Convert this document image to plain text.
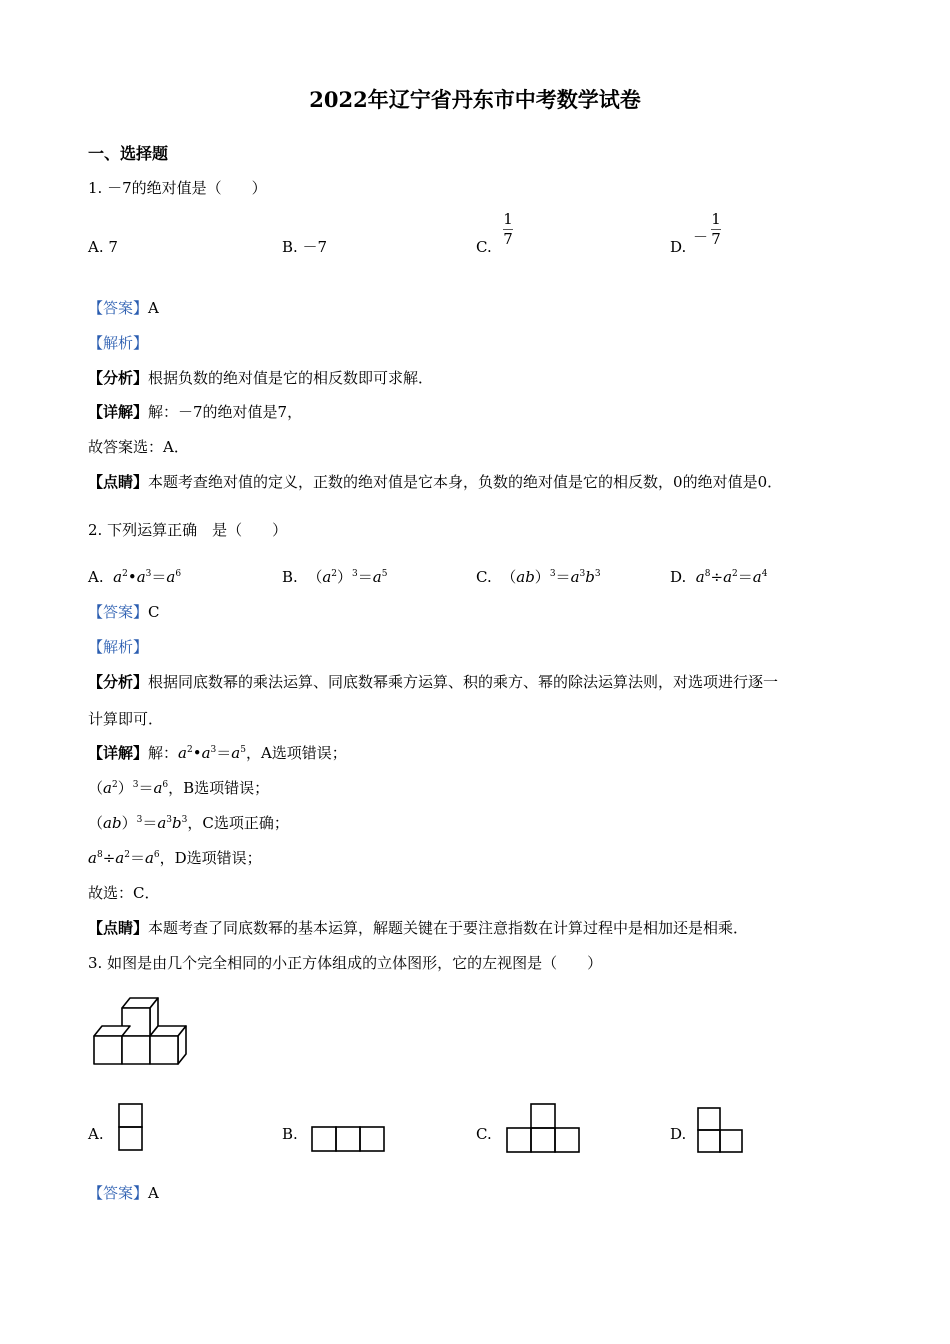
2022年辽宁省丹东市中考数学试卷
一、选择题
1. －7的绝对值是（　　）
A. 7	B. －7	C.
1
7	D.
－
1
7
【答案】A
【解析】
【分析】根据负数的绝对值是它的相反数即可求解．
【详解】解：－7的绝对值是7，
故答案选：A．
【点睛】本题考查绝对值的定义，正数的绝对值是它本身，负数的绝对值是它的相反数，0的绝对值是0．
2. 下列运算正确　是（　　）
A.  $a^2•a^3=a^6$	B.  $(a^2)^3=a^5$	C.  $(ab)^3=a^3b^3$	D.  $a^8\div a^2=a^4$
【答案】C
【解析】
【分析】根据同底数幂的乘法运算、同底数幂乘方运算、积的乘方、幂的除法运算法则，对选项进行逐一
计算即可．
【详解】解：$a^2•a^3=a^5$，A选项错误；
$(a^2)^3=a^6$，B选项错误；
$(ab)^3=a^3b^3$，C选项正确；
$a^8\div a^2=a^6$，D选项错误；
故选：C．
【点睛】本题考查了同底数幂的基本运算，解题关键在于要注意指数在计算过程中是相加还是相乘．
3. 如图是由几个完全相同的小正方体组成的立体图形，它的左视图是（　　）
A.	B.	C.	D.
【答案】A
